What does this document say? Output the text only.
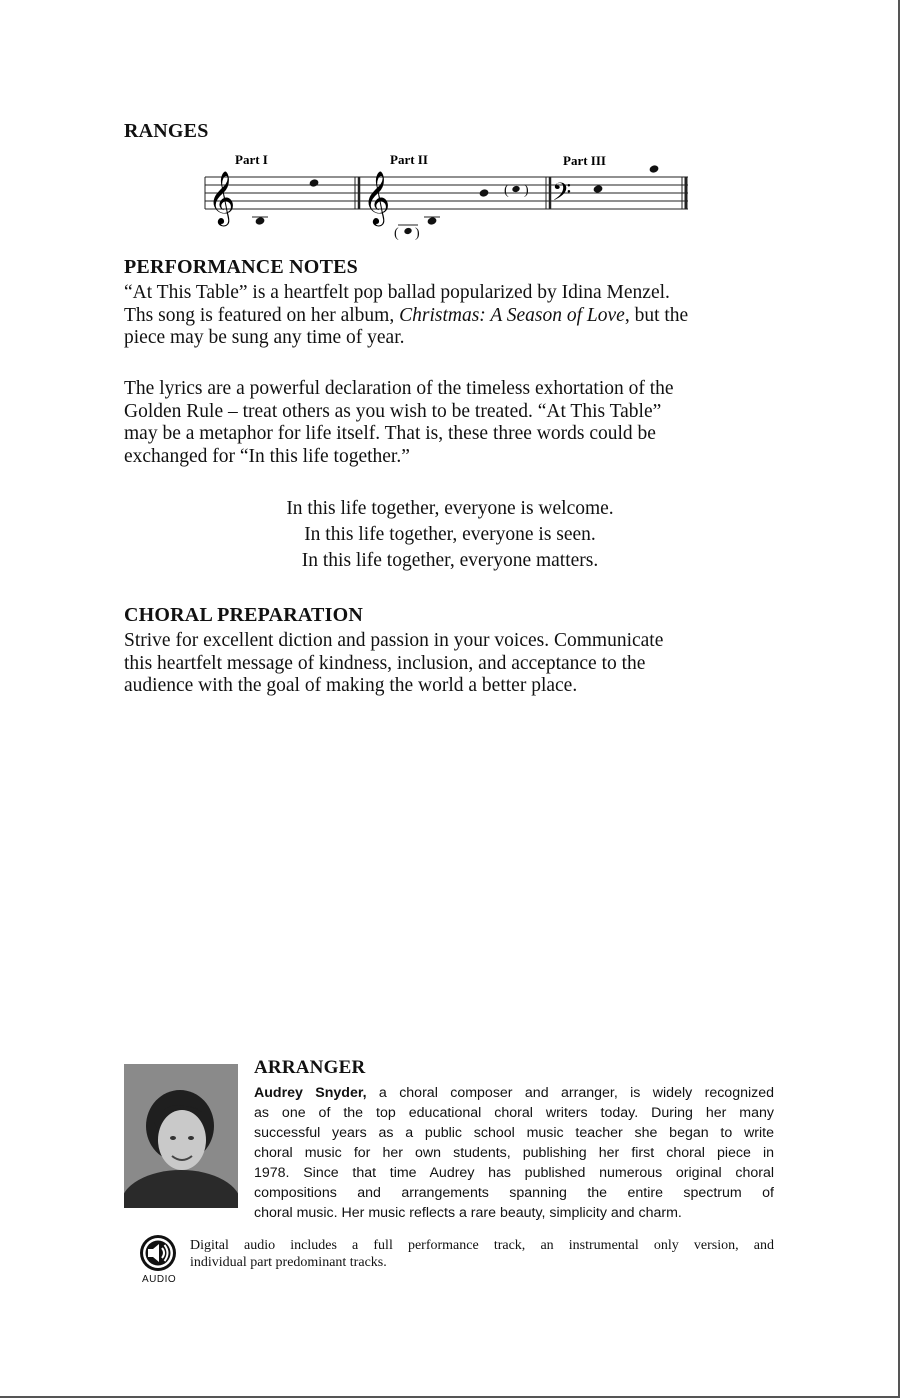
RANGES
Part I	Part II	Part III
𝄞	𝄞	𝄢
( )
( )
PERFORMANCE NOTES

“At This Table” is a heartfelt pop ballad popularized by Idina Menzel.
Ths song is featured on her album, Christmas: A Season of Love, but the
piece may be sung any time of year.

The lyrics are a powerful declaration of the timeless exhortation of the
Golden Rule – treat others as you wish to be treated. “At This Table”
may be a metaphor for life itself. That is, these three words could be
exchanged for “In this life together.”

In this life together, everyone is welcome.
In this life together, everyone is seen.
In this life together, everyone matters.
CHORAL PREPARATION

Strive for excellent diction and passion in your voices. Communicate
this heartfelt message of kindness, inclusion, and acceptance to the
audience with the goal of making the world a better place.

ARRANGER
Audrey Snyder, a choral composer and arranger, is widely recognized
as one of the top educational choral writers today. During her many
successful years as a public school music teacher she began to write
choral music for her own students, publishing her first choral piece in
1978. Since that time Audrey has published numerous original choral
compositions and arrangements spanning the entire spectrum of
choral music. Her music reflects a rare beauty, simplicity and charm.
AUDIO
Digital audio includes a full performance track, an instrumental only version, and
individual part predominant tracks.
